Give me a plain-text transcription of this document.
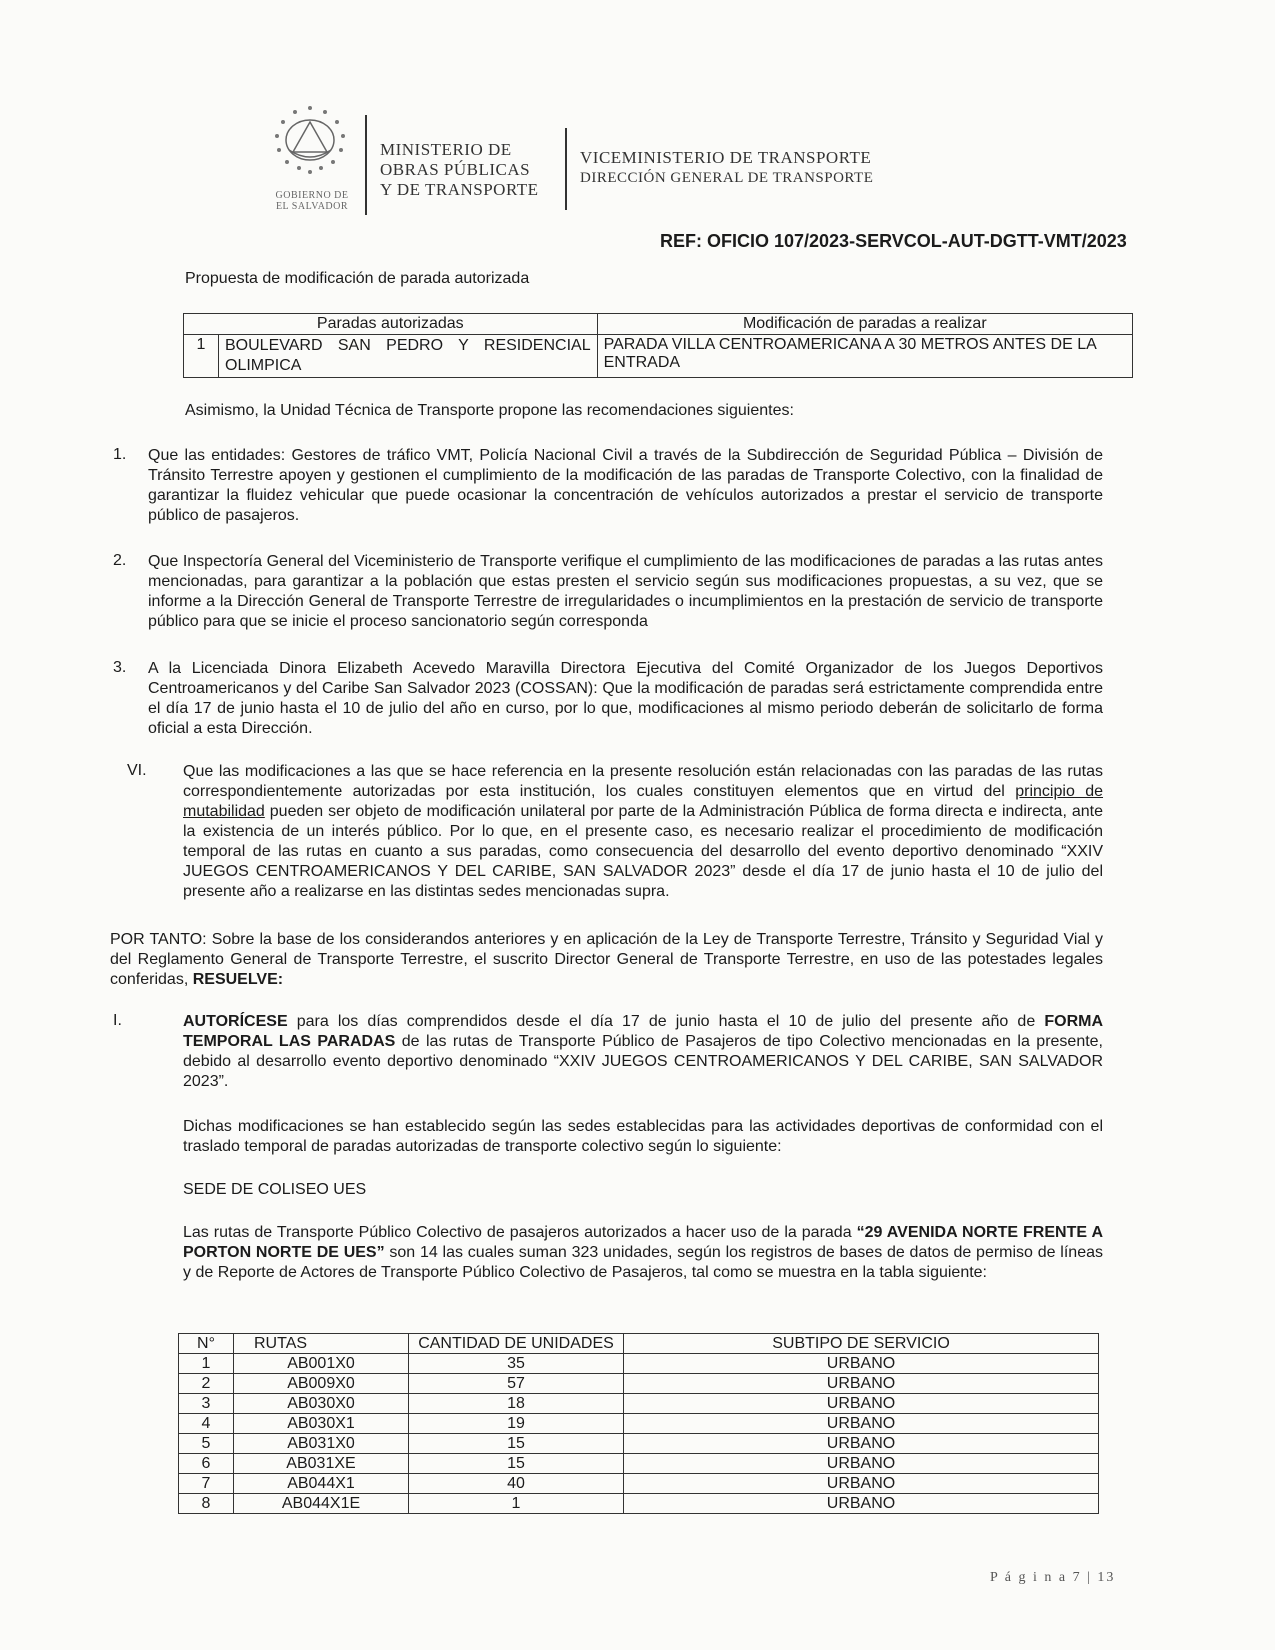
GOBIERNO DE
EL SALVADOR
MINISTERIO DE
OBRAS PÚBLICAS
Y DE TRANSPORTE
VICEMINISTERIO DE TRANSPORTE
DIRECCIÓN GENERAL DE TRANSPORTE
REF: OFICIO 107/2023-SERVCOL-AUT-DGTT-VMT/2023
Propuesta de modificación de parada autorizada
Paradas autorizadas		Modificación de paradas a realizar
1	BOULEVARD SAN PEDRO Y RESIDENCIAL OLIMPICA	PARADA VILLA CENTROAMERICANA A 30 METROS ANTES DE LA ENTRADA
Asimismo, la Unidad Técnica de Transporte propone las recomendaciones siguientes:
1. Que las entidades: Gestores de tráfico VMT, Policía Nacional Civil a través de la Subdirección de Seguridad Pública – División de Tránsito Terrestre apoyen y gestionen el cumplimiento de la modificación de las paradas de Transporte Colectivo, con la finalidad de garantizar la fluidez vehicular que puede ocasionar la concentración de vehículos autorizados a prestar el servicio de transporte público de pasajeros.
2. Que Inspectoría General del Viceministerio de Transporte verifique el cumplimiento de las modificaciones de paradas a las rutas antes mencionadas, para garantizar a la población que estas presten el servicio según sus modificaciones propuestas, a su vez, que se informe a la Dirección General de Transporte Terrestre de irregularidades o incumplimientos en la prestación de servicio de transporte público para que se inicie el proceso sancionatorio según corresponda
3. A la Licenciada Dinora Elizabeth Acevedo Maravilla Directora Ejecutiva del Comité Organizador de los Juegos Deportivos Centroamericanos y del Caribe San Salvador 2023 (COSSAN): Que la modificación de paradas será estrictamente comprendida entre el día 17 de junio hasta el 10 de julio del año en curso, por lo que, modificaciones al mismo periodo deberán de solicitarlo de forma oficial a esta Dirección.
VI. Que las modificaciones a las que se hace referencia en la presente resolución están relacionadas con las paradas de las rutas correspondientemente autorizadas por esta institución, los cuales constituyen elementos que en virtud del principio de mutabilidad pueden ser objeto de modificación unilateral por parte de la Administración Pública de forma directa e indirecta, ante la existencia de un interés público. Por lo que, en el presente caso, es necesario realizar el procedimiento de modificación temporal de las rutas en cuanto a sus paradas, como consecuencia del desarrollo del evento deportivo denominado “XXIV JUEGOS CENTROAMERICANOS Y DEL CARIBE, SAN SALVADOR 2023” desde el día 17 de junio hasta el 10 de julio del presente año a realizarse en las distintas sedes mencionadas supra.
POR TANTO: Sobre la base de los considerandos anteriores y en aplicación de la Ley de Transporte Terrestre, Tránsito y Seguridad Vial y del Reglamento General de Transporte Terrestre, el suscrito Director General de Transporte Terrestre, en uso de las potestades legales conferidas, RESUELVE:
I.	AUTORÍCESE para los días comprendidos desde el día 17 de junio hasta el 10 de julio del presente año de FORMA TEMPORAL LAS PARADAS de las rutas de Transporte Público de Pasajeros de tipo Colectivo mencionadas en la presente, debido al desarrollo evento deportivo denominado “XXIV JUEGOS CENTROAMERICANOS Y DEL CARIBE, SAN SALVADOR 2023”.
Dichas modificaciones se han establecido según las sedes establecidas para las actividades deportivas de conformidad con el traslado temporal de paradas autorizadas de transporte colectivo según lo siguiente:
SEDE DE COLISEO UES
Las rutas de Transporte Público Colectivo de pasajeros autorizados a hacer uso de la parada “29 AVENIDA NORTE FRENTE A PORTON NORTE DE UES” son 14 las cuales suman 323 unidades, según los registros de bases de datos de permiso de líneas y de Reporte de Actores de Transporte Público Colectivo de Pasajeros, tal como se muestra en la tabla siguiente:
N°	RUTAS	CANTIDAD DE UNIDADES	SUBTIPO DE SERVICIO
1	AB001X0	35	URBANO
2	AB009X0	57	URBANO
3	AB030X0	18	URBANO
4	AB030X1	19	URBANO
5	AB031X0	15	URBANO
6	AB031XE	15	URBANO
7	AB044X1	40	URBANO
8	AB044X1E	1	URBANO
P á g i n a 7 | 13
